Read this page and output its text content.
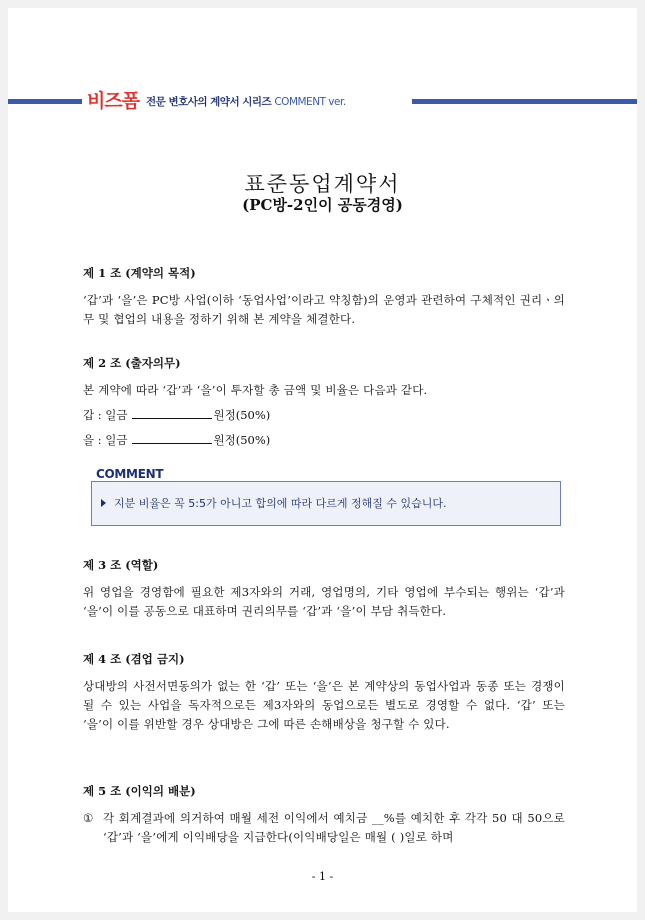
비즈폼 전문 변호사의 계약서 시리즈 COMMENT ver.
표준동업계약서
(PC방-2인이 공동경영)
제 1 조 (계약의 목적)
‘갑’과 ‘을’은 PC방 사업(이하 ‘동업사업’이라고 약칭함)의 운영과 관련하여 구체적인 권리ㆍ의무 및 협업의 내용을 정하기 위해 본 계약을 체결한다.
제 2 조 (출자의무)
본 계약에 따라 ‘갑’과 ‘을’이 투자할 총 금액 및 비율은 다음과 같다.
갑 : 일금	원정(50%)
을 : 일금	원정(50%)
COMMENT
지분 비율은 꼭 5:5가 아니고 합의에 따라 다르게 정해질 수 있습니다.
제 3 조 (역할)
위 영업을 경영함에 필요한 제3자와의 거래, 영업명의, 기타 영업에 부수되는 행위는 ‘갑’과 ‘을’이 이를 공동으로 대표하며 권리의무를 ‘갑’과 ‘을’이 부담 취득한다.
제 4 조 (겸업 금지)
상대방의 사전서면동의가 없는 한 ‘갑’ 또는 ‘을’은 본 계약상의 동업사업과 동종 또는 경쟁이 될 수 있는 사업을 독자적으로든 제3자와의 동업으로든 별도로 경영할 수 없다. ‘갑’ 또는 ‘을’이 이를 위반할 경우 상대방은 그에 따른 손해배상을 청구할 수 있다.
제 5 조 (이익의 배분)
① 각 회계결과에 의거하여 매월 세전 이익에서 예치금 __%를 예치한 후 각각 50 대 50으로 ‘갑’과 ‘을’에게 이익배당을 지급한다(이익배당일은 매월 ( )일로 하며
- 1 -
